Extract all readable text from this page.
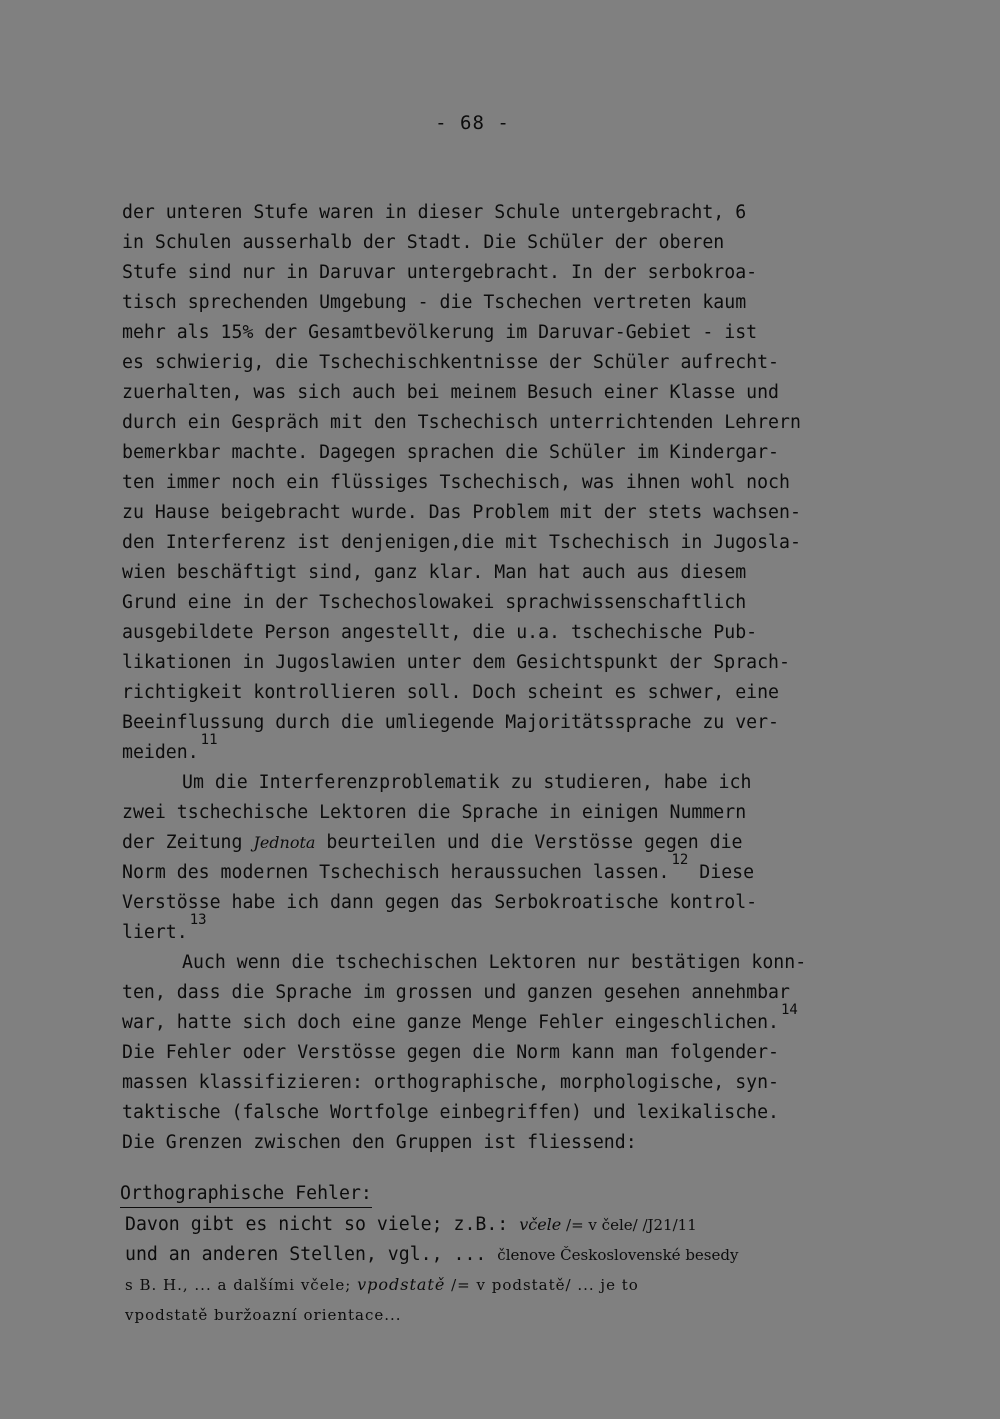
- 68 -
der unteren Stufe waren in dieser Schule untergebracht, 6
in Schulen ausserhalb der Stadt. Die Schüler der oberen
Stufe sind nur in Daruvar untergebracht. In der serbokroa-
tisch sprechenden Umgebung - die Tschechen vertreten kaum
mehr als 15% der Gesamtbevölkerung im Daruvar-Gebiet - ist
es schwierig, die Tschechischkentnisse der Schüler aufrecht-
zuerhalten, was sich auch bei meinem Besuch einer Klasse und
durch ein Gespräch mit den Tschechisch unterrichtenden Lehrern
bemerkbar machte. Dagegen sprachen die Schüler im Kindergar-
ten immer noch ein flüssiges Tschechisch, was ihnen wohl noch
zu Hause beigebracht wurde. Das Problem mit der stets wachsen-
den Interferenz ist denjenigen,die mit Tschechisch in Jugosla-
wien beschäftigt sind, ganz klar. Man hat auch aus diesem
Grund eine in der Tschechoslowakei sprachwissenschaftlich
ausgebildete Person angestellt, die u.a. tschechische Pub-
likationen in Jugoslawien unter dem Gesichtspunkt der Sprach-
richtigkeit kontrollieren soll. Doch scheint es schwer, eine
Beeinflussung durch die umliegende Majoritätssprache zu ver-
meiden.$^{11}$
Um die Interferenzproblematik zu studieren, habe ich
zwei tschechische Lektoren die Sprache in einigen Nummern
der Zeitung Jednota beurteilen und die Verstösse gegen die
Norm des modernen Tschechisch heraussuchen lassen.$^{12}$ Diese
Verstösse habe ich dann gegen das Serbokroatische kontrol-
liert.$^{13}$
Auch wenn die tschechischen Lektoren nur bestätigen konn-
ten, dass die Sprache im grossen und ganzen gesehen annehmbar
war, hatte sich doch eine ganze Menge Fehler eingeschlichen.$^{14}$
Die Fehler oder Verstösse gegen die Norm kann man folgender-
massen klassifizieren: orthographische, morphologische, syn-
taktische (falsche Wortfolge einbegriffen) und lexikalische.
Die Grenzen zwischen den Gruppen ist fliessend:
Orthographische Fehler:
Davon gibt es nicht so viele; z.B.: včele /= v čele/ /J21/11
und an anderen Stellen, vgl., ... členove Československé besedy
s B. H., ... a dalšími včele; vpodstatě /= v podstatě/ ... je to
vpodstatě buržoazní orientace...
